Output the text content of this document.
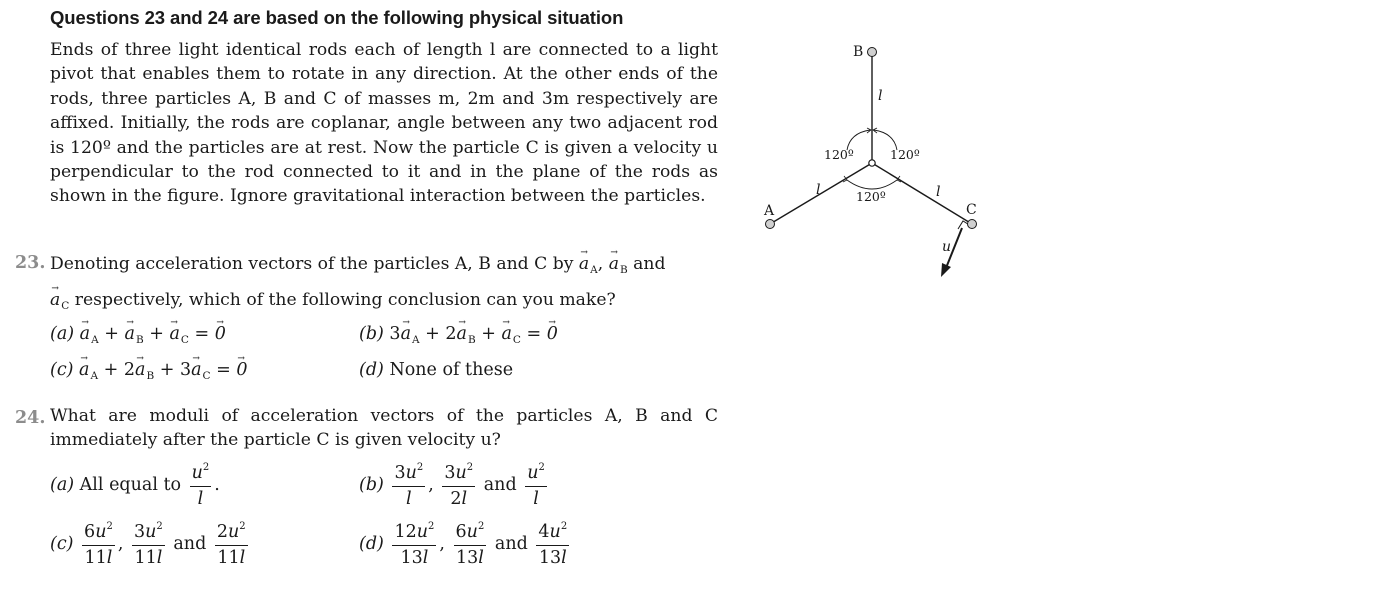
Questions 23 and 24 are based on the following physical situation
Ends of three light identical rods each of length l are connected to a light pivot that enables them to rotate in any direction. At the other ends of the rods, three particles A, B and C of masses m, 2m and 3m respectively are affixed. Initially, the rods are coplanar, angle between any two adjacent rod is 120º and the particles are at rest. Now the particle C is given a velocity u perpendicular to the rod connected to it and in the plane of the rods as shown in the figure. Ignore gravitational interaction between the particles.
23. Denoting acceleration vectors of the particles A, B and C by → $a_A$, → $a_B$ and
→ $a_C$ respectively, which of the following conclusion can you make?
$(a) \to a_A$ + → $a_B$ + → $a_C$ = → 0	(b) $3\to a_A + 2\to a_B$ + → $a_C$ = → 0
$(c) \to a_A + 2\to a_B + 3\to a_C$ = → 0	(d) None of these
24. What are moduli of acceleration vectors of the particles A, B and C immediately after the particle C is given velocity u?
(a) All equal to $\frac{u^2}{l}$ .	$(b) \frac{3u^2}{l}$ , $\frac{3u^2}{2l}$ and $\frac{u^2}{l}$
$(c) \frac{6u^2}{11l}$ , $\frac{3u^2}{11l}$ and $\frac{2u^2}{11l}$	$(d) \frac{12u^2}{13l}$ , $\frac{6u^2}{13l}$ and $\frac{4u^2}{13l}$
B
A	C
l
l	l
120º	120º
120º
u
